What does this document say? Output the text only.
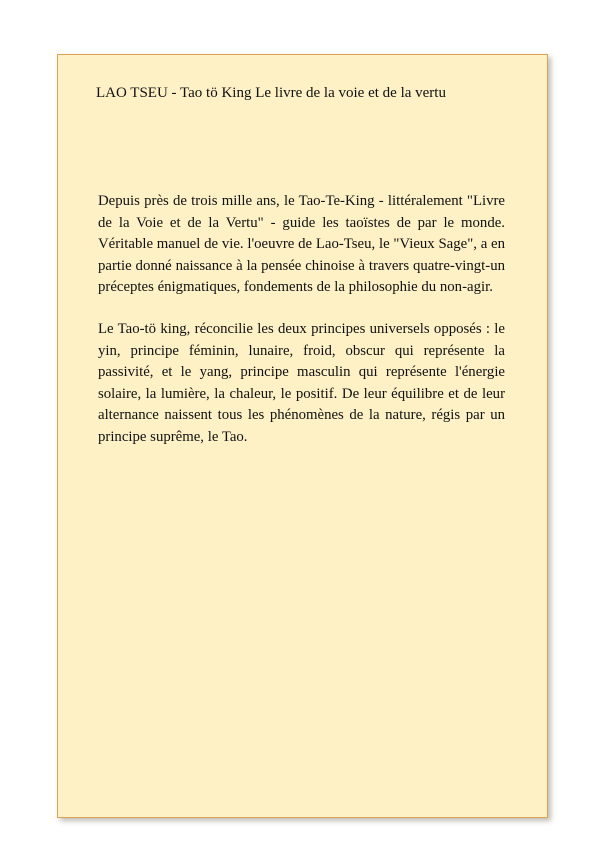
LAO TSEU - Tao tö King Le livre de la voie et de la vertu

Depuis près de trois mille ans, le Tao-Te-King - littéralement "Livre de la Voie et de la Vertu" - guide les taoïstes de par le monde. Véritable manuel de vie. l'oeuvre de Lao-Tseu, le "Vieux Sage", a en partie donné naissance à la pensée chinoise à travers quatre-vingt-un préceptes énigmatiques, fondements de la philosophie du non-agir.

Le Tao-tö king, réconcilie les deux principes universels opposés : le yin, principe féminin, lunaire, froid, obscur qui représente la passivité, et le yang, principe masculin qui représente l'énergie solaire, la lumière, la chaleur, le positif. De leur équilibre et de leur alternance naissent tous les phénomènes de la nature, régis par un principe suprême, le Tao.
